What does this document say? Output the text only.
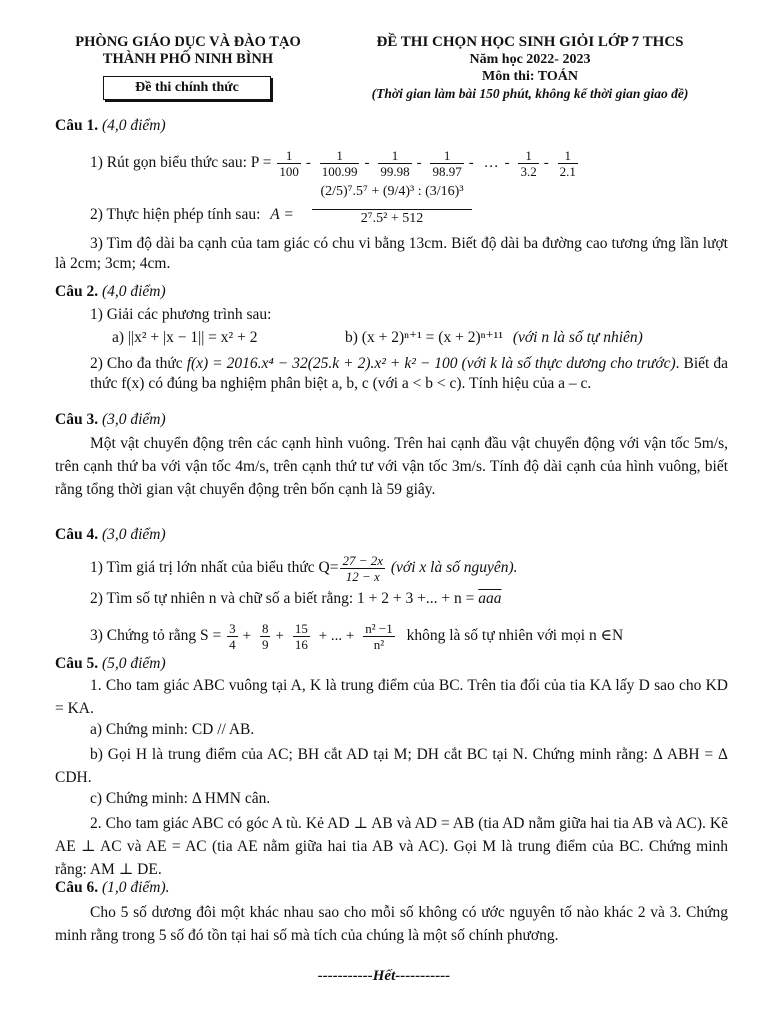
PHÒNG GIÁO DỤC VÀ ĐÀO TẠO
THÀNH PHỐ NINH BÌNH
Đề thi chính thức
ĐỀ THI CHỌN HỌC SINH GIỎI LỚP 7 THCS
Năm học 2022- 2023
Môn thi: TOÁN
(Thời gian làm bài 150 phút, không kể thời gian giao đề)
Câu 1. (4,0 điểm)
1) Rút gọn biểu thức sau: $P = \frac{1}{100} - \frac{1}{100.99} - \frac{1}{99.98} - \frac{1}{98.97}$ - … - $\frac{1}{3.2} - \frac{1}{2.1}$
2) Thực hiện phép tính sau: A =	$\frac{\text{(2/5)⁷.5⁷ + (9/4)³ : (3/16)³}}{\text{2⁷.5² + 512}}$
3) Tìm độ dài ba cạnh của tam giác có chu vi bằng 13cm. Biết độ dài ba đường cao tương ứng lần lượt là 2cm; 3cm; 4cm.
Câu 2. (4,0 điểm)
1) Giải các phương trình sau:
a) ||x² + |x − 1|| = x² + 2	b) (x + 2)ⁿ⁺¹ = (x + 2)ⁿ⁺¹¹ (với n là số tự nhiên)
2) Cho đa thức f(x) = 2016.x⁴ − 32(25.k + 2).x² + k² − 100 (với k là số thực dương cho trước). Biết đa thức f(x) có đúng ba nghiệm phân biệt a, b, c (với a < b < c). Tính hiệu của a – c.
Câu 3. (3,0 điểm)
Một vật chuyển động trên các cạnh hình vuông. Trên hai cạnh đầu vật chuyển động với vận tốc 5m/s, trên cạnh thứ ba với vận tốc 4m/s, trên cạnh thứ tư với vận tốc 3m/s. Tính độ dài cạnh của hình vuông, biết rằng tổng thời gian vật chuyển động trên bốn cạnh là 59 giây.
Câu 4. (3,0 điểm)
1) Tìm giá trị lớn nhất của biểu thức $Q= \frac{27 - 2x}{12 - x}$ (với x là số nguyên).
2) Tìm số tự nhiên n và chữ số a biết rằng: 1 + 2 + 3 +... + $n = \overline{aaa}$
3) Chứng tỏ rằng $S = \frac{3}{4} + \frac{8}{9} + \frac{15}{16}$ + ... + $\frac{\text{n² −1}}{\text{n²}}$ không là số tự nhiên với mọi n ∈N
Câu 5. (5,0 điểm)
1. Cho tam giác ABC vuông tại A, K là trung điểm của BC. Trên tia đối của tia KA lấy D sao cho KD = KA.
a) Chứng minh: CD // AB.
b) Gọi H là trung điểm của AC; BH cắt AD tại M; DH cắt BC tại N. Chứng minh rằng: Δ ABH = Δ CDH.
c) Chứng minh: Δ HMN cân.
2. Cho tam giác ABC có góc A tù. Kẻ AD ⊥ AB và AD = AB (tia AD nằm giữa hai tia AB và AC). Kẽ AE ⊥ AC và AE = AC (tia AE nằm giữa hai tia AB và AC). Gọi M là trung điểm của BC. Chứng minh rằng: AM ⊥ DE.
Câu 6. (1,0 điểm).
Cho 5 số dương đôi một khác nhau sao cho mỗi số không có ước nguyên tố nào khác 2 và 3. Chứng minh rằng trong 5 số đó tồn tại hai số mà tích của chúng là một số chính phương.
-----------Hết-----------
